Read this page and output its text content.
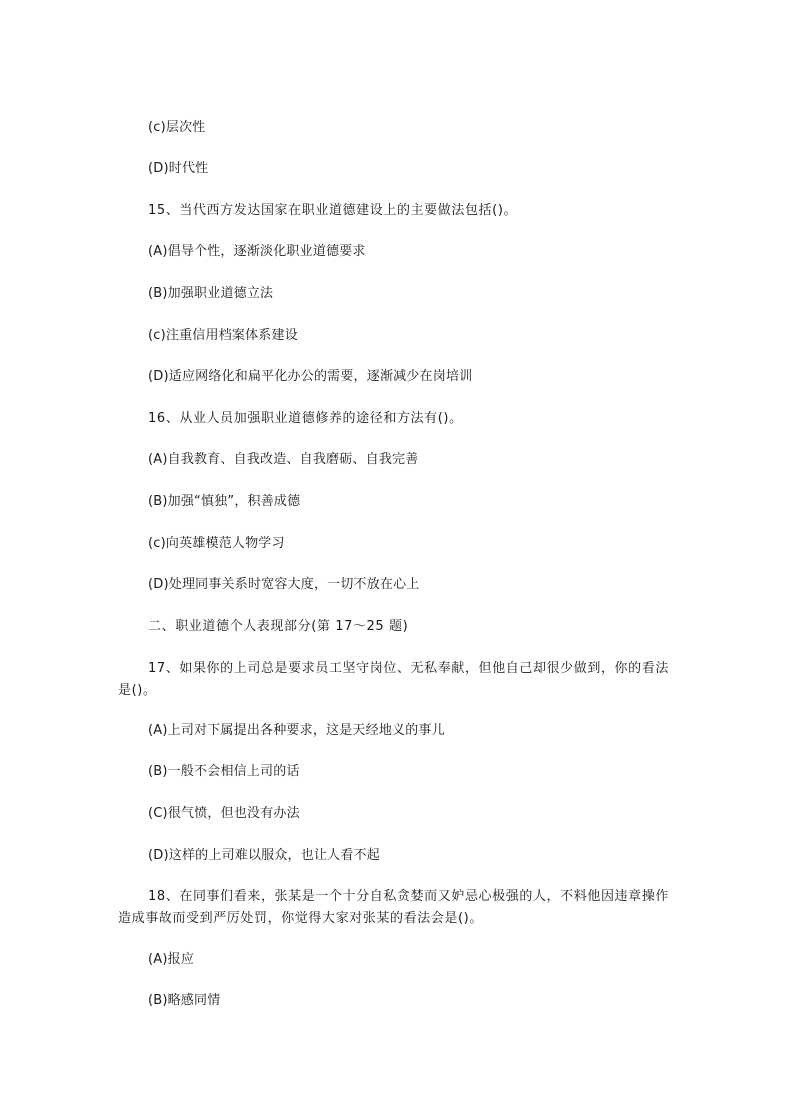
(c)层次性
(D)时代性
15、当代西方发达国家在职业道德建设上的主要做法包括()。
(A)倡导个性，逐渐淡化职业道德要求
(B)加强职业道德立法
(c)注重信用档案体系建设
(D)适应网络化和扁平化办公的需要，逐渐减少在岗培训
16、从业人员加强职业道德修养的途径和方法有()。
(A)自我教育、自我改造、自我磨砺、自我完善
(B)加强“慎独”，积善成德
(c)向英雄模范人物学习
(D)处理同事关系时宽容大度，一切不放在心上
二、职业道德个人表现部分(第 17～25 题)
17、如果你的上司总是要求员工坚守岗位、无私奉献，但他自己却很少做到，你的看法是()。
(A)上司对下属提出各种要求，这是天经地义的事儿
(B)一般不会相信上司的话
(C)很气愤，但也没有办法
(D)这样的上司难以服众，也让人看不起
18、在同事们看来，张某是一个十分自私贪婪而又妒忌心极强的人，不料他因违章操作造成事故而受到严厉处罚，你觉得大家对张某的看法会是()。
(A)报应
(B)略感同情
